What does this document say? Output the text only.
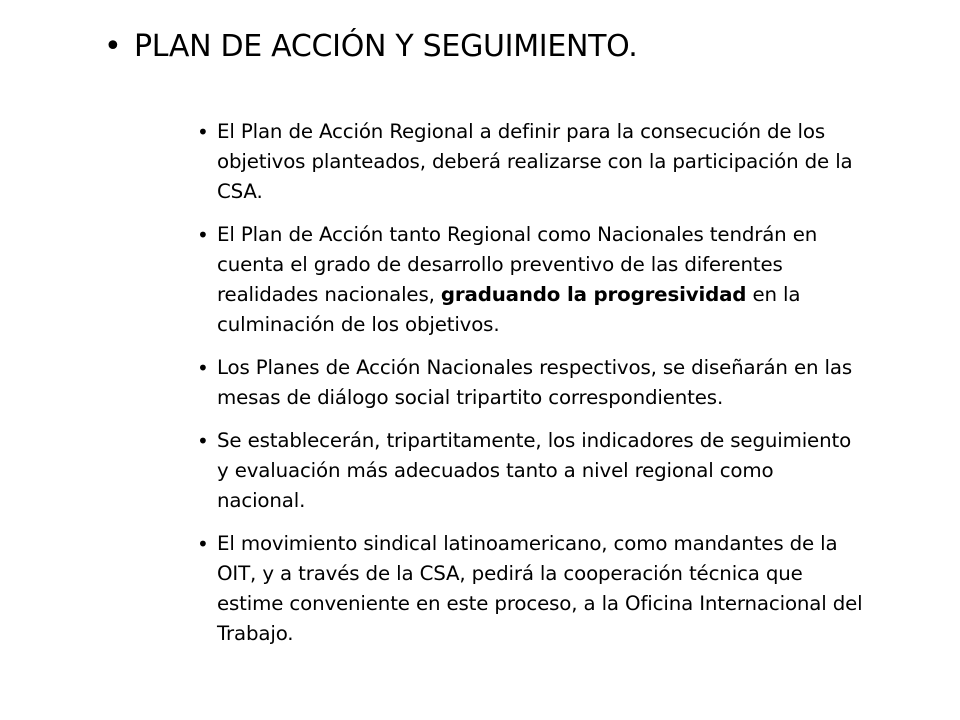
• PLAN DE ACCIÓN Y SEGUIMIENTO.
• El Plan de Acción Regional a definir para la consecución de los objetivos planteados, deberá realizarse con la participación de la CSA.
• El Plan de Acción tanto Regional como Nacionales tendrán en cuenta el grado de desarrollo preventivo de las diferentes realidades nacionales, graduando la progresividad en la culminación de los objetivos.
• Los Planes de Acción Nacionales respectivos, se diseñarán en las mesas de diálogo social tripartito correspondientes.
• Se establecerán, tripartitamente, los indicadores de seguimiento y evaluación más adecuados tanto a nivel regional como nacional.
• El movimiento sindical latinoamericano, como mandantes de la OIT, y a través de la CSA, pedirá la cooperación técnica que estime conveniente en este proceso, a la Oficina Internacional del Trabajo.
